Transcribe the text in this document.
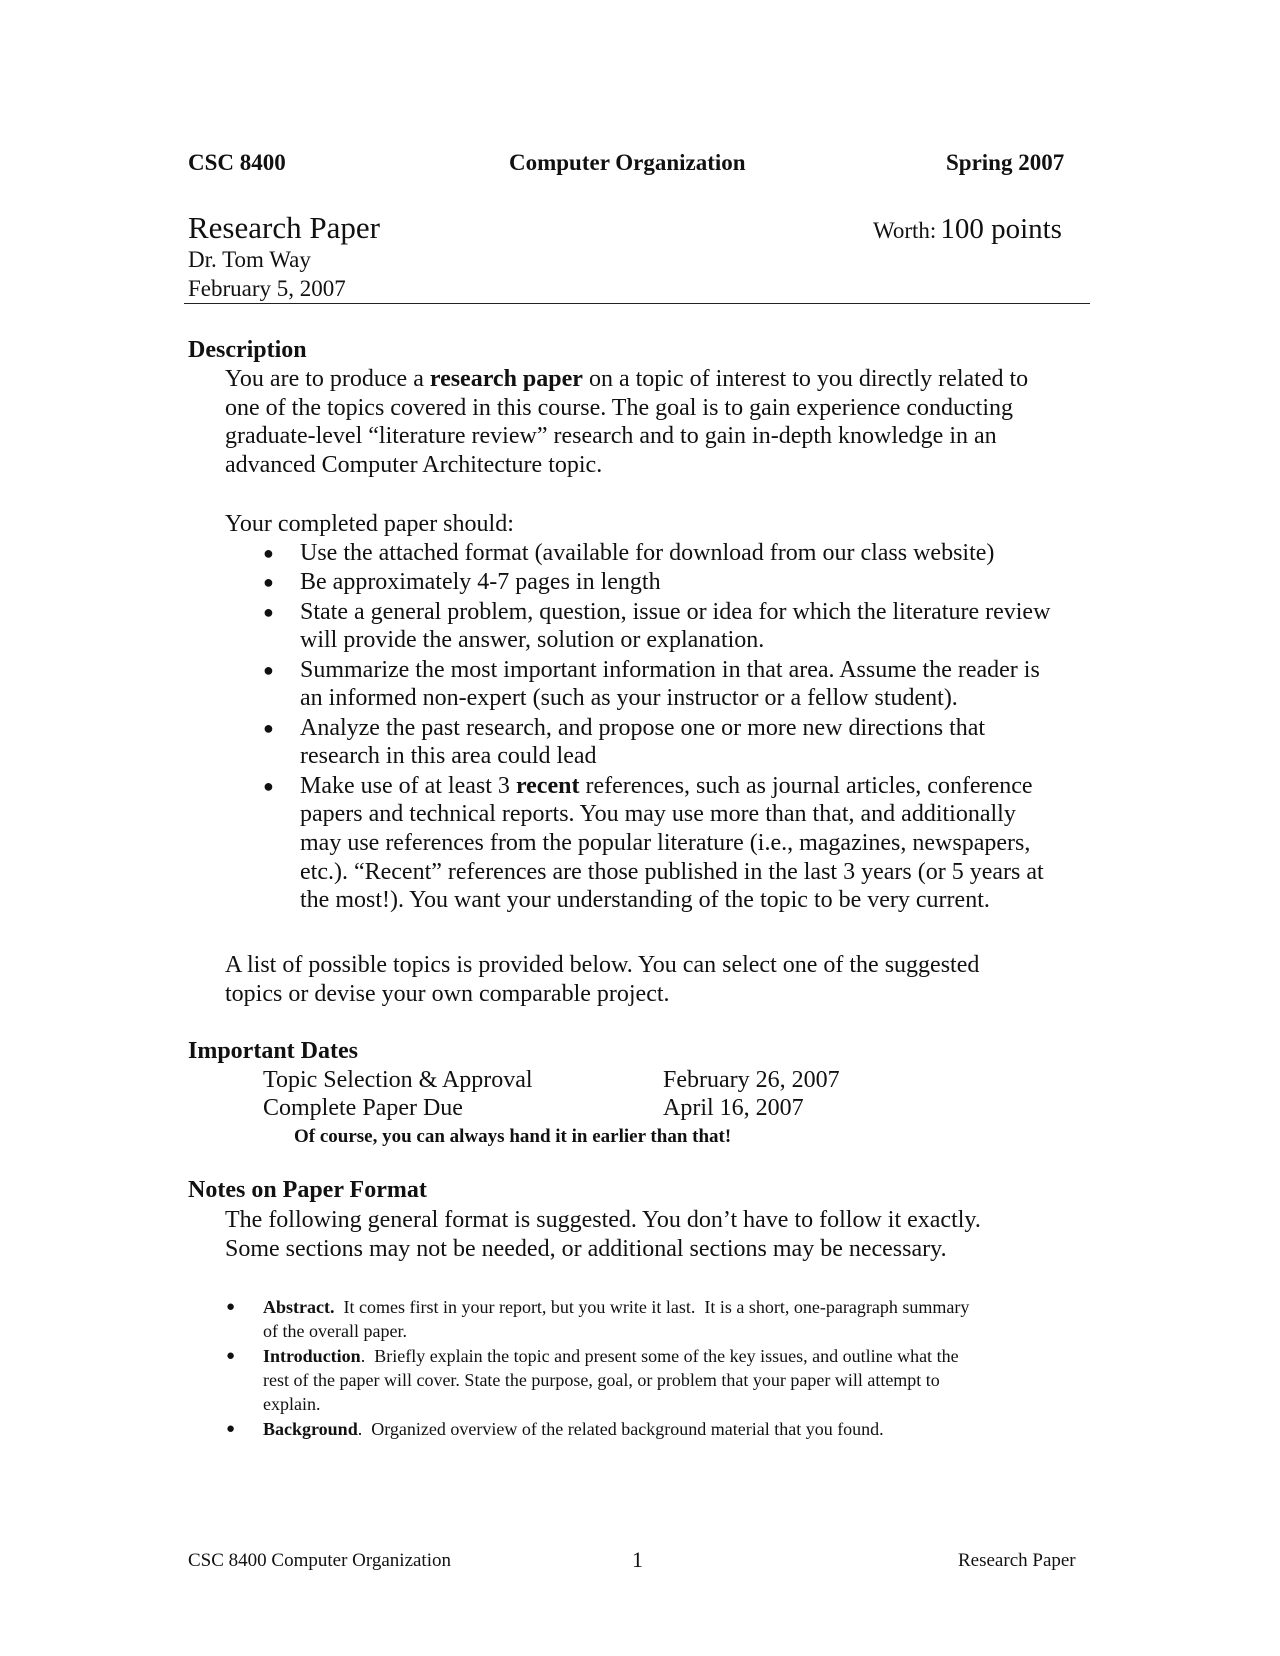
CSC 8400	Computer Organization	Spring 2007
Research Paper	Worth: 100 points
Dr. Tom Way
February 5, 2007
Description

You are to produce a research paper on a topic of interest to you directly related to

one of the topics covered in this course. The goal is to gain experience conducting

graduate-level “literature review” research and to gain in-depth knowledge in an

advanced Computer Architecture topic.

Your completed paper should:

● Use the attached format (available for download from our class website)
● Be approximately 4-7 pages in length
● State a general problem, question, issue or idea for which the literature review
will provide the answer, solution or explanation.
● Summarize the most important information in that area. Assume the reader is
an informed non-expert (such as your instructor or a fellow student).
● Analyze the past research, and propose one or more new directions that
research in this area could lead
● Make use of at least 3 recent references, such as journal articles, conference
papers and technical reports. You may use more than that, and additionally
may use references from the popular literature (i.e., magazines, newspapers,
etc.). “Recent” references are those published in the last 3 years (or 5 years at
the most!). You want your understanding of the topic to be very current.

A list of possible topics is provided below. You can select one of the suggested

topics or devise your own comparable project.

Important Dates
Topic Selection & Approval	February 26, 2007
Complete Paper Due	April 16, 2007
Of course, you can always hand it in earlier than that!
Notes on Paper Format

The following general format is suggested. You don’t have to follow it exactly.

Some sections may not be needed, or additional sections may be necessary.

● Abstract.  It comes first in your report, but you write it last.  It is a short, one-paragraph summary
of the overall paper.
● Introduction.  Briefly explain the topic and present some of the key issues, and outline what the
rest of the paper will cover. State the purpose, goal, or problem that your paper will attempt to
explain.
● Background.  Organized overview of the related background material that you found.
CSC 8400 Computer Organization	1	Research Paper
